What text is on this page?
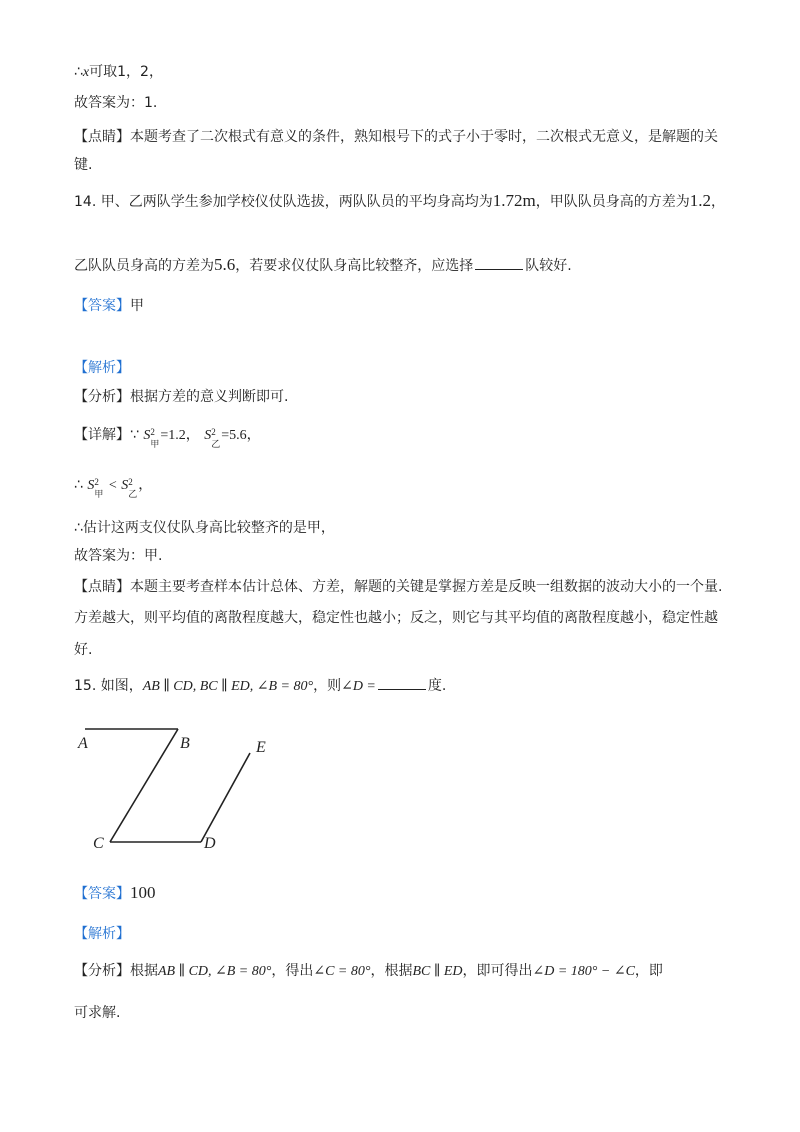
∴x可取1，2，
故答案为：1.
【点睛】本题考查了二次根式有意义的条件，熟知根号下的式子小于零时，二次根式无意义，是解题的关
键.
14. 甲、乙两队学生参加学校仪仗队选拔，两队队员的平均身高均为1.72m，甲队队员身高的方差为1.2，
乙队队员身高的方差为5.6，若要求仪仗队身高比较整齐，应选择	队较好.
【答案】甲
【解析】
【分析】根据方差的意义判断即可.
【详解】∵ S 2
甲
=1.2， S 2
乙
=5.6，
∴ S 2
甲
< S 2
乙
，
∴估计这两支仪仗队身高比较整齐的是甲，
故答案为：甲.
【点睛】本题主要考查样本估计总体、方差，解题的关键是掌握方差是反映一组数据的波动大小的一个量.
方差越大，则平均值的离散程度越大，稳定性也越小；反之，则它与其平均值的离散程度越小，稳定性越
好.
15. 如图，AB ∥ CD, BC ∥ ED, ∠B = 80°，则∠D =	度.
A	B	E
C	D
【答案】100
【解析】
【分析】根据AB ∥ CD, ∠B = 80°，得出∠C = 80°，根据BC ∥ ED，即可得出∠D = 180° − ∠C，即
可求解.
